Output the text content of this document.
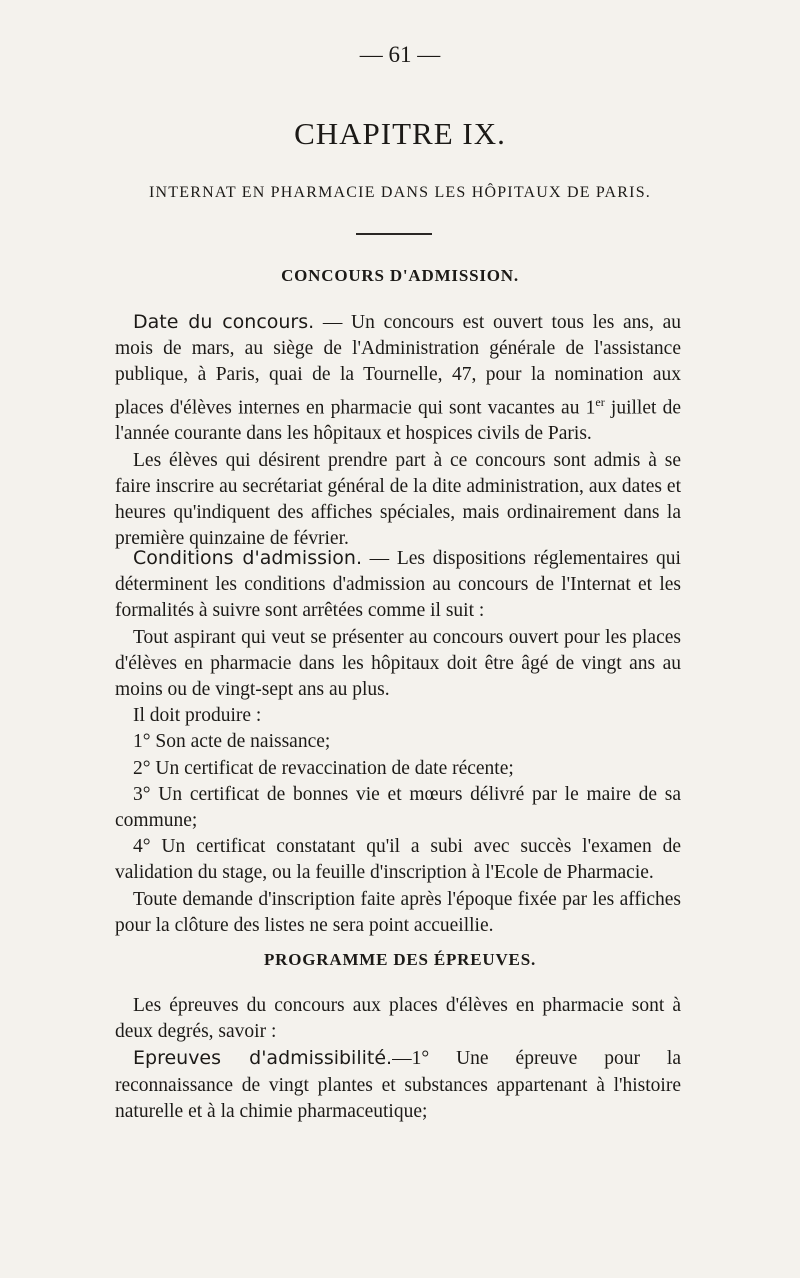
— 61 —
CHAPITRE IX.
INTERNAT EN PHARMACIE DANS LES HÔPITAUX DE PARIS.
CONCOURS D'ADMISSION.

Date du concours. — Un concours est ouvert tous les ans, au mois de mars, au siège de l'Administration générale de l'assistance publique, à Paris, quai de la Tournelle, 47, pour la nomination aux places d'élèves internes en pharmacie qui sont vacantes au 1er juillet de l'année courante dans les hôpitaux et hospices civils de Paris.

Les élèves qui désirent prendre part à ce concours sont admis à se faire inscrire au secrétariat général de la dite administration, aux dates et heures qu'indiquent des affiches spéciales, mais ordinairement dans la première quinzaine de février.

Conditions d'admission. — Les dispositions réglementaires qui déterminent les conditions d'admission au concours de l'Internat et les formalités à suivre sont arrêtées comme il suit :

Tout aspirant qui veut se présenter au concours ouvert pour les places d'élèves en pharmacie dans les hôpitaux doit être âgé de vingt ans au moins ou de vingt-sept ans au plus.

Il doit produire :

1° Son acte de naissance;

2° Un certificat de revaccination de date récente;

3° Un certificat de bonnes vie et mœurs délivré par le maire de sa commune;

4° Un certificat constatant qu'il a subi avec succès l'examen de validation du stage, ou la feuille d'inscription à l'Ecole de Pharmacie.

Toute demande d'inscription faite après l'époque fixée par les affiches pour la clôture des listes ne sera point accueillie.

PROGRAMME DES ÉPREUVES.

Les épreuves du concours aux places d'élèves en pharmacie sont à deux degrés, savoir :

Epreuves d'admissibilité.—1° Une épreuve pour la reconnaissance de vingt plantes et substances appartenant à l'histoire naturelle et à la chimie pharmaceutique;
